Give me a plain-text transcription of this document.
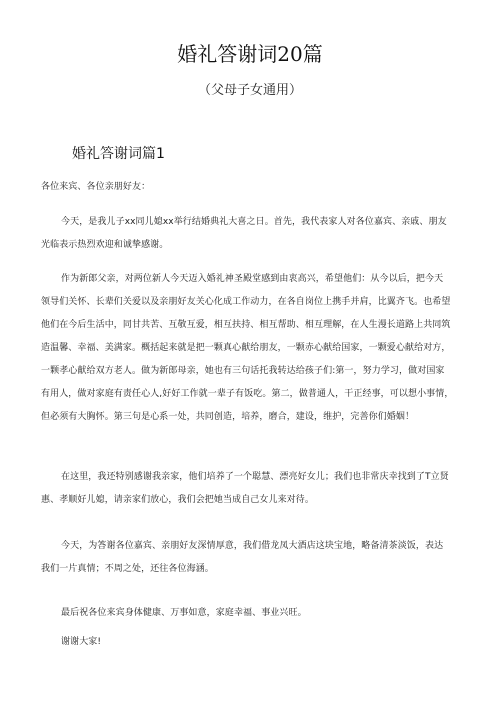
婚礼答谢词20篇
（父母子女通用）
婚礼答谢词篇1
各位来宾、各位亲朋好友：
今天，是我儿子xx同儿媳xx举行结婚典礼大喜之日。首先，我代表家人对各位嘉宾、亲戚、朋友
光临表示热烈欢迎和诚挚感谢。
作为新郎父亲，对两位新人今天迈入婚礼神圣殿堂感到由衷高兴，希望他们：从今以后，把今天
领导们关怀、长辈们关爱以及亲朋好友关心化成工作动力，在各自岗位上携手并肩，比翼齐飞。也希望
他们在今后生活中，同甘共苦、互敬互爱，相互扶持、相互帮助、相互理解，在人生漫长道路上共同筑
造温馨、幸福、美满家。概括起来就是把一颗真心献给朋友，一颗赤心献给国家，一颗爱心献给对方，
一颗孝心献给双方老人。做为新郎母亲，她也有三句话托我转达给孩子们:第一，努力学习，做对国家
有用人，做对家庭有责任心人,好好工作就一辈子有饭吃。第二，做普通人，干正经事，可以想小事情，
但必须有大胸怀。第三句是心系一处，共同创造，培养，磨合，建设，维护，完善你们婚姻！
在这里，我还特别感谢我亲家，他们培养了一个聪慧、漂亮好女儿；我们也非常庆幸找到了T立贤
惠、孝顺好儿媳，请亲家们放心，我们会把她当成自己女儿来对待。
今天，为答谢各位嘉宾、亲朋好友深情厚意，我们借龙凤大酒店这块宝地，略备清茶淡饭，表达
我们一片真情；不周之处，还往各位海涵。
最后祝各位来宾身体健康、万事如意，家庭幸福、事业兴旺。
谢谢大家!
